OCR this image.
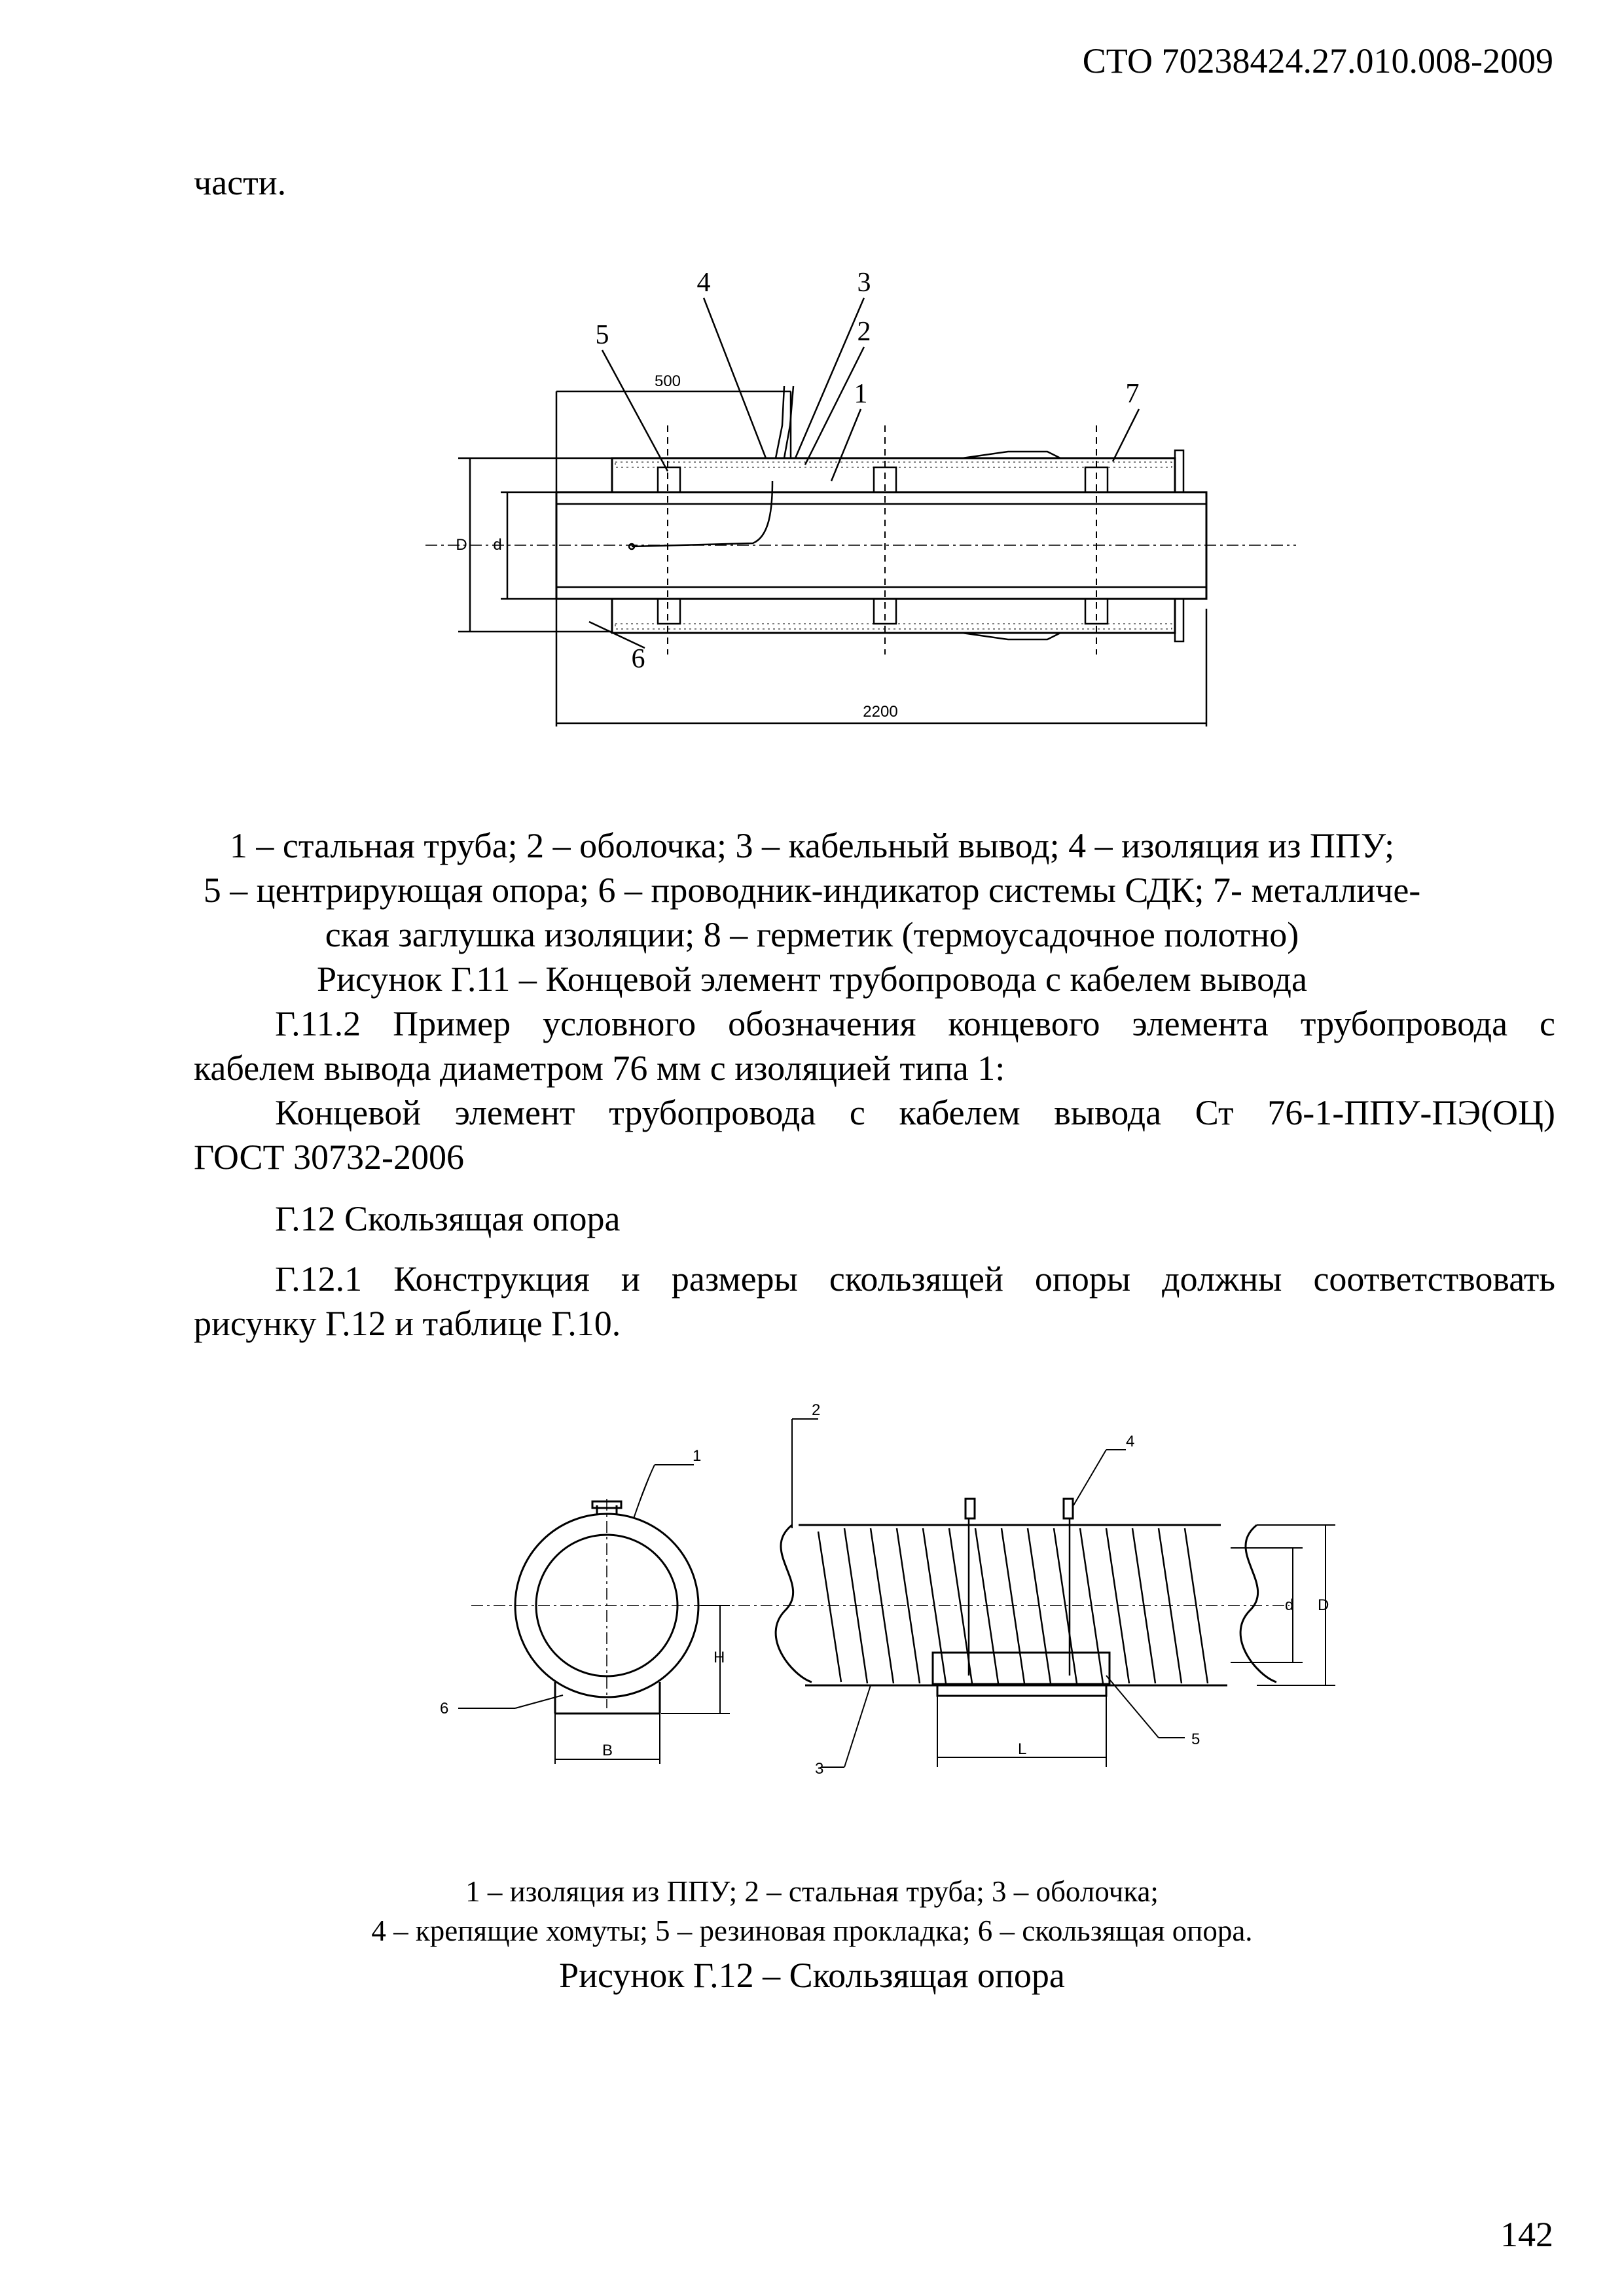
СТО 70238424.27.010.008-2009
части.
4	3
2
1
5
6
7
500
2200
D d
1 – стальная труба; 2 – оболочка; 3 – кабельный вывод; 4 – изоляция из ППУ;
5 – центрирующая опора; 6 – проводник-индикатор системы СДК; 7- металличе-
ская заглушка изоляции; 8 – герметик (термоусадочное полотно)
Рисунок Г.11 – Концевой элемент трубопровода с кабелем вывода
Г.11.2 Пример условного обозначения концевого элемента трубопровода с
кабелем вывода диаметром 76 мм с изоляцией типа 1:
Концевой элемент трубопровода с кабелем вывода Ст 76-1-ППУ-ПЭ(ОЦ)
ГОСТ 30732-2006
Г.12 Скользящая опора
Г.12.1 Конструкция и размеры скользящей опоры должны соответствовать
рисунку Г.12 и таблице Г.10.
1
2
3
4
5
6
H
B	L
d D
1 – изоляция из ППУ; 2 – стальная труба; 3 – оболочка;
4 – крепящие хомуты; 5 – резиновая прокладка; 6 – скользящая опора.
Рисунок Г.12 – Скользящая опора
142
